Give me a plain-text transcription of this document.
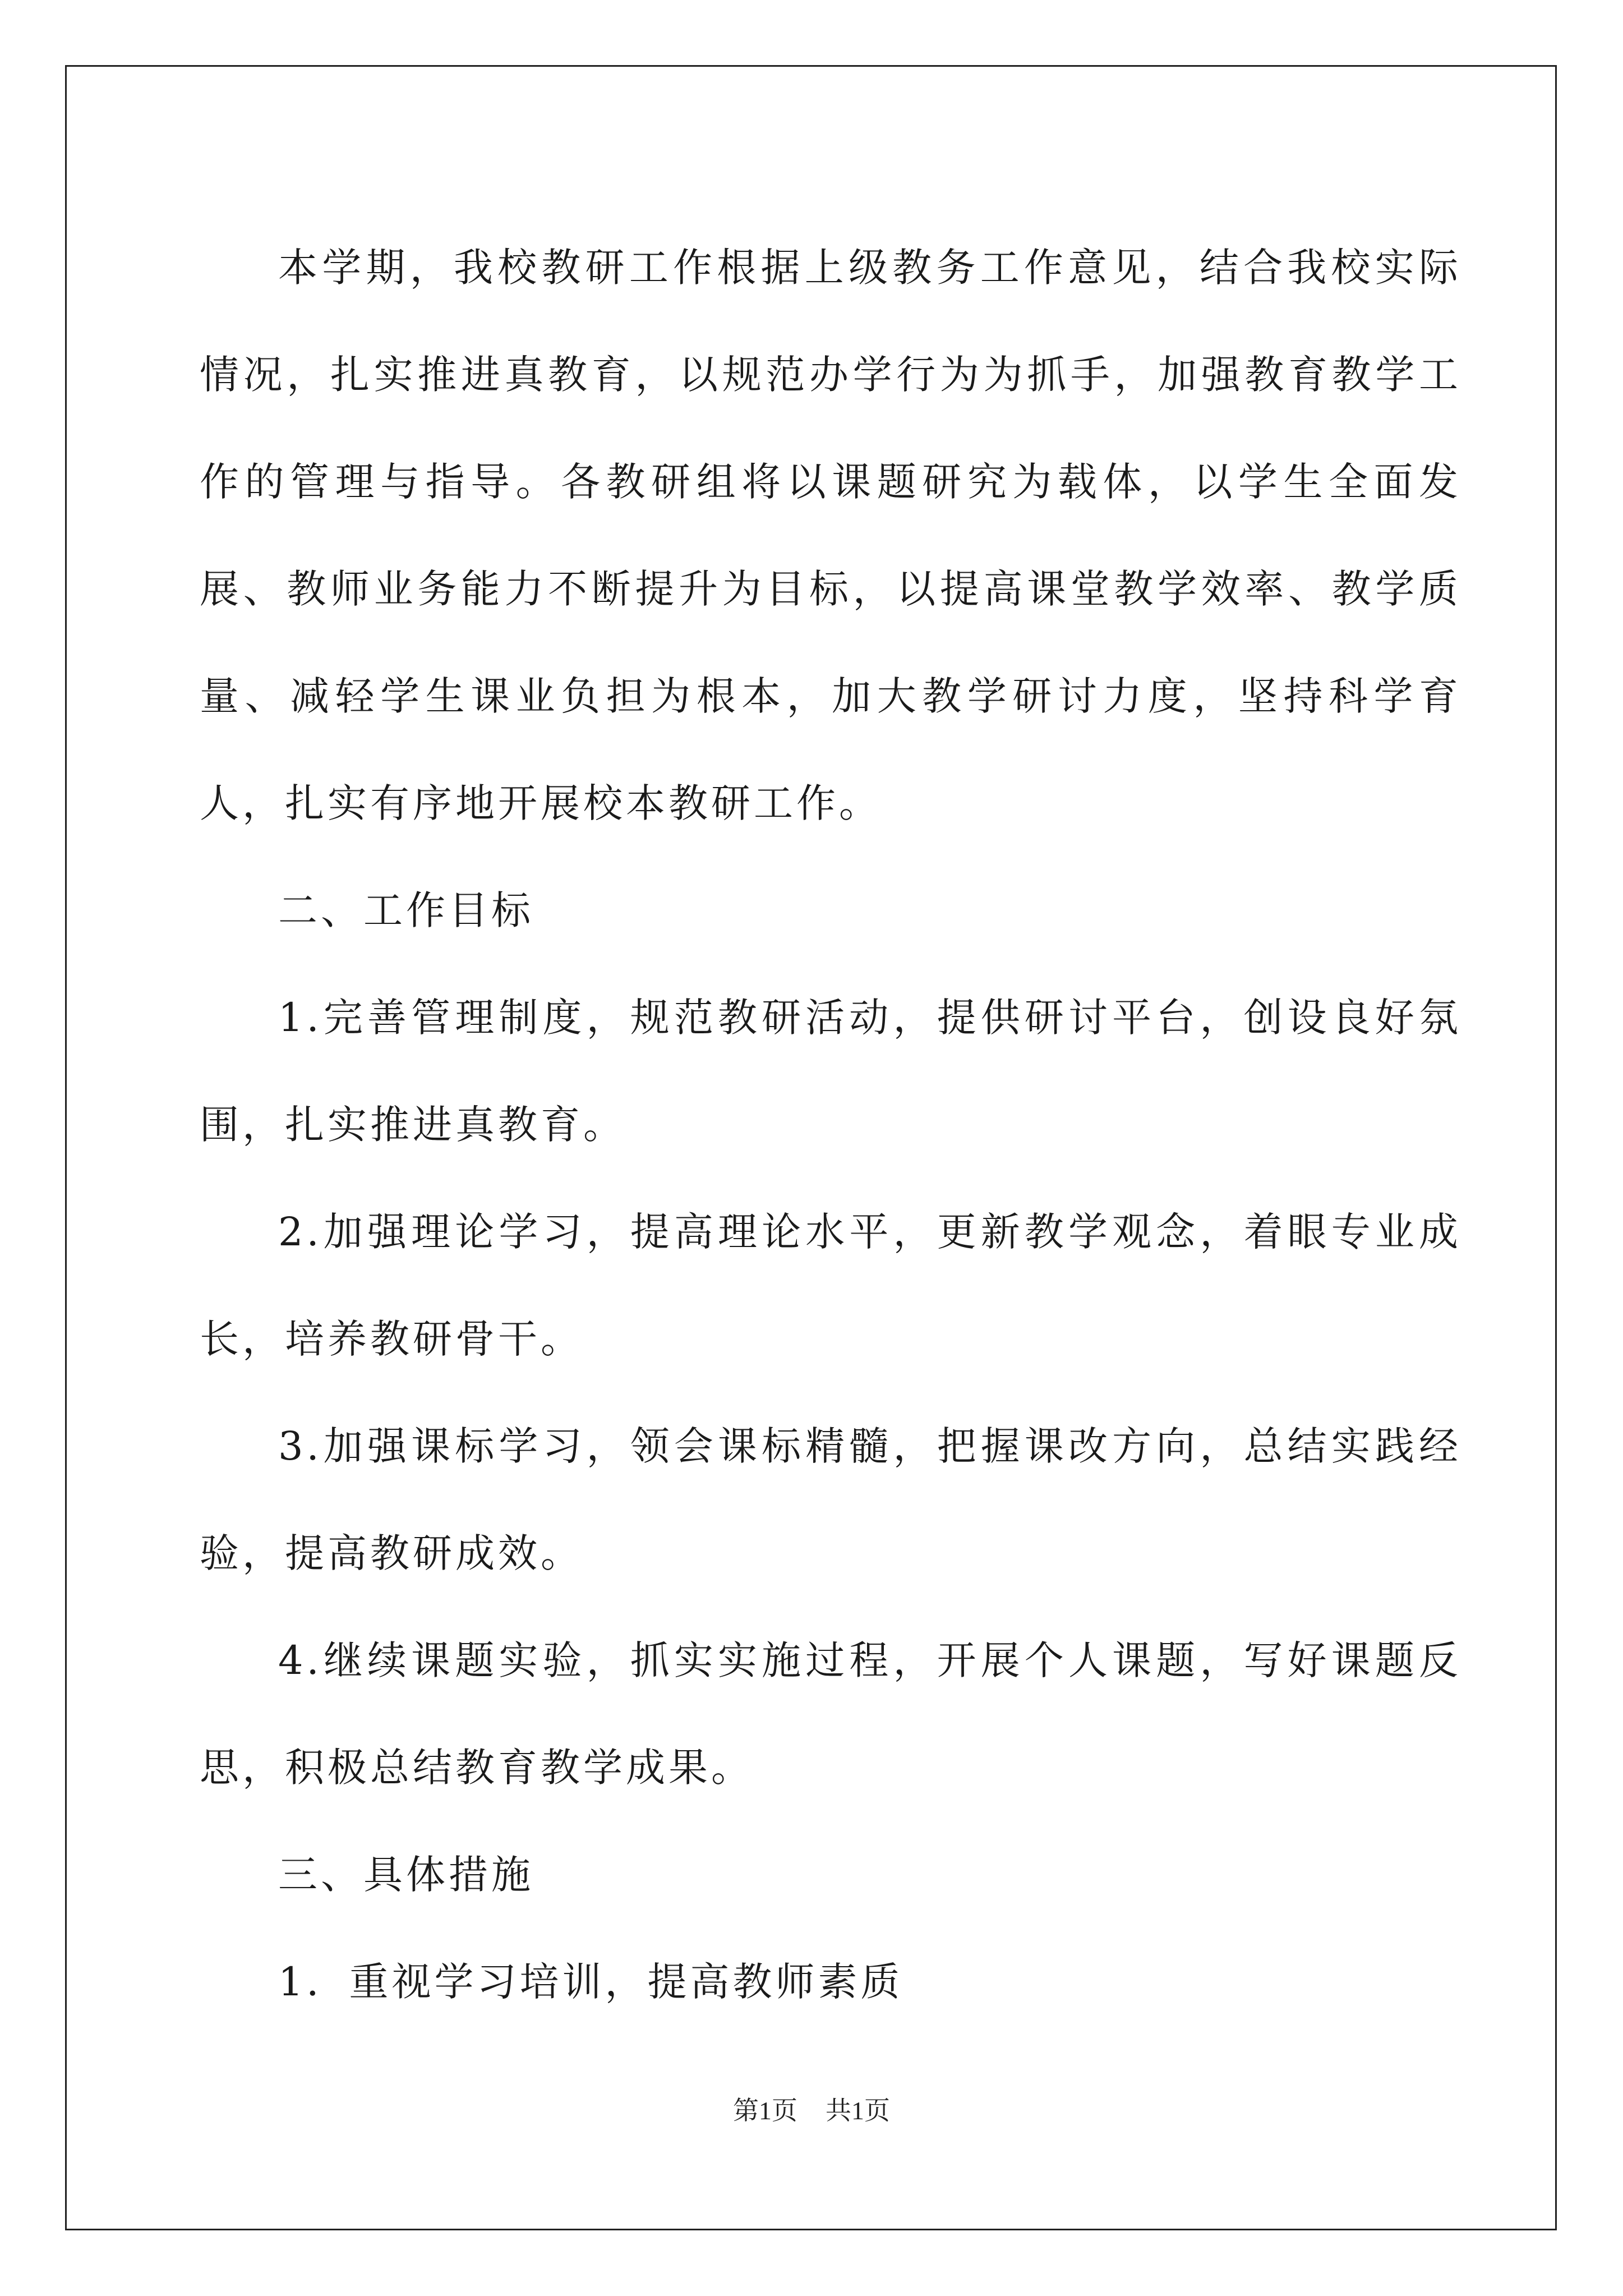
本学期，我校教研工作根据上级教务工作意见，结合我校实际情况，扎实推进真教育，以规范办学行为为抓手，加强教育教学工作的管理与指导。各教研组将以课题研究为载体，以学生全面发展、教师业务能力不断提升为目标，以提高课堂教学效率、教学质量、减轻学生课业负担为根本，加大教学研讨力度，坚持科学育人，扎实有序地开展校本教研工作。

二、工作目标

1.完善管理制度，规范教研活动，提供研讨平台，创设良好氛围，扎实推进真教育。

2.加强理论学习，提高理论水平，更新教学观念，着眼专业成长，培养教研骨干。

3.加强课标学习，领会课标精髓，把握课改方向，总结实践经验，提高教研成效。

4.继续课题实验，抓实实施过程，开展个人课题，写好课题反思，积极总结教育教学成果。

三、具体措施

1．重视学习培训，提高教师素质

第1页 共1页
